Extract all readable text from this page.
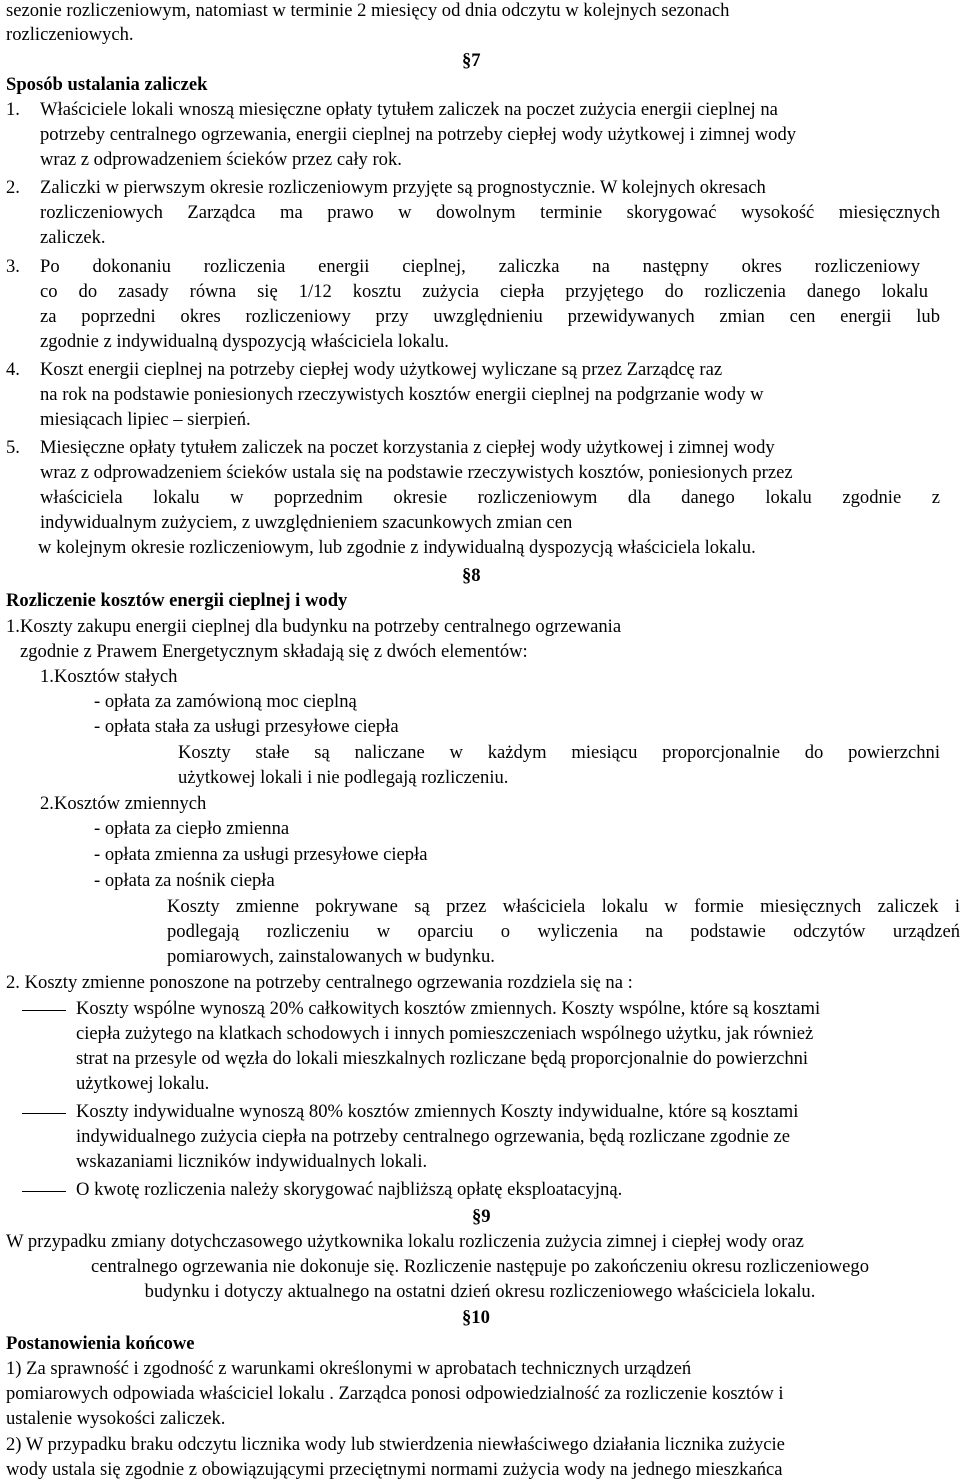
sezonie rozliczeniowym, natomiast w terminie 2 miesięcy od dnia odczytu w kolejnych sezonach
rozliczeniowych.
§7
Sposób ustalania zaliczek
1. Właściciele lokali wnoszą miesięczne opłaty tytułem zaliczek na poczet zużycia energii cieplnej na
potrzeby centralnego ogrzewania, energii cieplnej na potrzeby ciepłej wody użytkowej i zimnej wody
wraz z odprowadzeniem ścieków przez cały rok.
2. Zaliczki w pierwszym okresie rozliczeniowym przyjęte są prognostycznie. W kolejnych okresach
rozliczeniowych Zarządca ma prawo w dowolnym terminie skorygować wysokość miesięcznych
zaliczek.
3. Po dokonaniu rozliczenia energii cieplnej, zaliczka na następny okres rozliczeniowy
co do zasady równa się 1/12 kosztu zużycia ciepła przyjętego do rozliczenia danego lokalu
za poprzedni okres rozliczeniowy przy uwzględnieniu przewidywanych zmian cen energii lub
zgodnie z indywidualną dyspozycją właściciela lokalu.
4. Koszt energii cieplnej na potrzeby ciepłej wody użytkowej wyliczane są przez Zarządcę raz
na rok na podstawie poniesionych rzeczywistych kosztów energii cieplnej na podgrzanie wody w
miesiącach lipiec – sierpień.
5. Miesięczne opłaty tytułem zaliczek na poczet korzystania z ciepłej wody użytkowej i zimnej wody
wraz z odprowadzeniem ścieków ustala się na podstawie rzeczywistych kosztów, poniesionych przez
właściciela lokalu w poprzednim okresie rozliczeniowym dla danego lokalu zgodnie z
indywidualnym zużyciem, z uwzględnieniem szacunkowych zmian cen
w kolejnym okresie rozliczeniowym, lub zgodnie z indywidualną dyspozycją właściciela lokalu.
§8
Rozliczenie kosztów energii cieplnej i wody
1.Koszty zakupu energii cieplnej dla budynku na potrzeby centralnego ogrzewania
zgodnie z Prawem Energetycznym składają się z dwóch elementów:
1.Kosztów stałych
- opłata za zamówioną moc cieplną
- opłata stała za usługi przesyłowe ciepła
Koszty stałe są naliczane w każdym miesiącu proporcjonalnie do powierzchni
użytkowej lokali i nie podlegają rozliczeniu.
2.Kosztów zmiennych
- opłata za ciepło zmienna
- opłata zmienna za usługi przesyłowe ciepła
- opłata za nośnik ciepła
Koszty zmienne pokrywane są przez właściciela lokalu w formie miesięcznych zaliczek i
podlegają rozliczeniu w oparciu o wyliczenia na podstawie odczytów urządzeń
pomiarowych, zainstalowanych w budynku.
2. Koszty zmienne ponoszone na potrzeby centralnego ogrzewania rozdziela się na :
Koszty wspólne wynoszą 20% całkowitych kosztów zmiennych. Koszty wspólne, które są kosztami
ciepła zużytego na klatkach schodowych i innych pomieszczeniach wspólnego użytku, jak również
strat na przesyle od węzła do lokali mieszkalnych rozliczane będą proporcjonalnie do powierzchni
użytkowej lokalu.
Koszty indywidualne wynoszą 80% kosztów zmiennych Koszty indywidualne, które są kosztami
indywidualnego zużycia ciepła na potrzeby centralnego ogrzewania, będą rozliczane zgodnie ze
wskazaniami liczników indywidualnych lokali.
O kwotę rozliczenia należy skorygować najbliższą opłatę eksploatacyjną.
§9
W przypadku zmiany dotychczasowego użytkownika lokalu rozliczenia zużycia zimnej i ciepłej wody oraz
centralnego ogrzewania nie dokonuje się. Rozliczenie następuje po zakończeniu okresu rozliczeniowego
budynku i dotyczy aktualnego na ostatni dzień okresu rozliczeniowego właściciela lokalu.
§10
Postanowienia końcowe
1) Za sprawność i zgodność z warunkami określonymi w aprobatach technicznych urządzeń
pomiarowych odpowiada właściciel lokalu . Zarządca ponosi odpowiedzialność za rozliczenie kosztów i
ustalenie wysokości zaliczek.
2) W przypadku braku odczytu licznika wody lub stwierdzenia niewłaściwego działania licznika zużycie
wody ustala się zgodnie z obowiązującymi przeciętnymi normami zużycia wody na jednego mieszkańca
